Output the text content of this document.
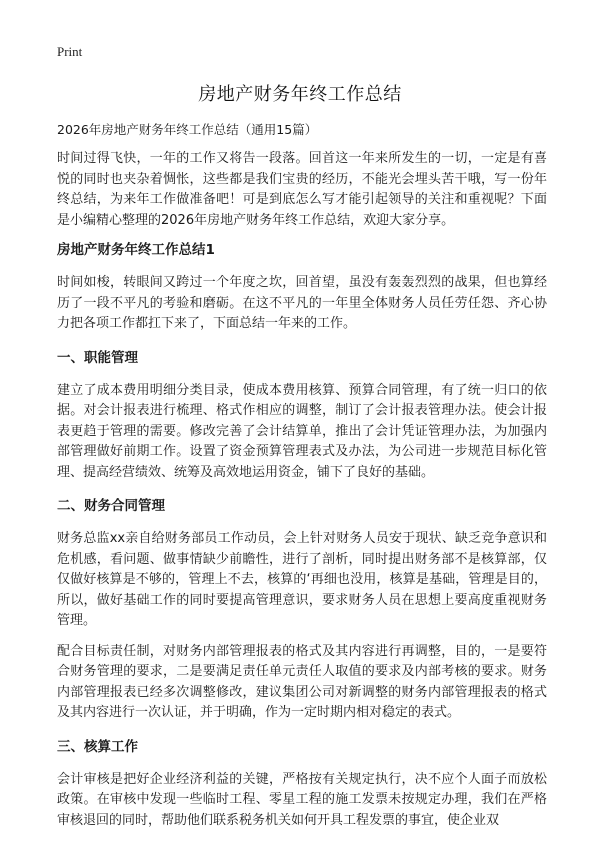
Print
房地产财务年终工作总结
2026年房地产财务年终工作总结（通用15篇）

时间过得飞快，一年的工作又将告一段落。回首这一年来所发生的一切，一定是有喜悦的同时也夹杂着惆怅，这些都是我们宝贵的经历，不能光会埋头苦干哦，写一份年终总结，为来年工作做准备吧！可是到底怎么写才能引起领导的关注和重视呢？下面是小编精心整理的2026年房地产财务年终工作总结，欢迎大家分享。

房地产财务年终工作总结1

时间如梭，转眼间又跨过一个年度之坎，回首望，虽没有轰轰烈烈的战果，但也算经历了一段不平凡的考验和磨砺。在这不平凡的一年里全体财务人员任劳任怨、齐心协力把各项工作都扛下来了，下面总结一年来的工作。

一、职能管理

建立了成本费用明细分类目录，使成本费用核算、预算合同管理，有了统一归口的依据。对会计报表进行梳理、格式作相应的调整，制订了会计报表管理办法。使会计报表更趋于管理的需要。修改完善了会计结算单，推出了会计凭证管理办法，为加强内部管理做好前期工作。设置了资金预算管理表式及办法，为公司进一步规范目标化管理、提高经营绩效、统筹及高效地运用资金，铺下了良好的基础。

二、财务合同管理

财务总监xx亲自给财务部员工作动员，会上针对财务人员安于现状、缺乏竞争意识和危机感，看问题、做事情缺少前瞻性，进行了剖析，同时提出财务部不是核算部，仅仅做好核算是不够的，管理上不去，核算的‘再细也没用，核算是基础，管理是目的，所以，做好基础工作的同时要提高管理意识，要求财务人员在思想上要高度重视财务管理。

配合目标责任制，对财务内部管理报表的格式及其内容进行再调整，目的，一是要符合财务管理的要求，二是要满足责任单元责任人取值的要求及内部考核的要求。财务内部管理报表已经多次调整修改，建议集团公司对新调整的财务内部管理报表的格式及其内容进行一次认证，并于明确，作为一定时期内相对稳定的表式。

三、核算工作

会计审核是把好企业经济利益的关键，严格按有关规定执行，决不应个人面子而放松政策。在审核中发现一些临时工程、零星工程的施工发票未按规定办理，我们在严格审核退回的同时，帮助他们联系税务机关如何开具工程发票的事宜，使企业双
